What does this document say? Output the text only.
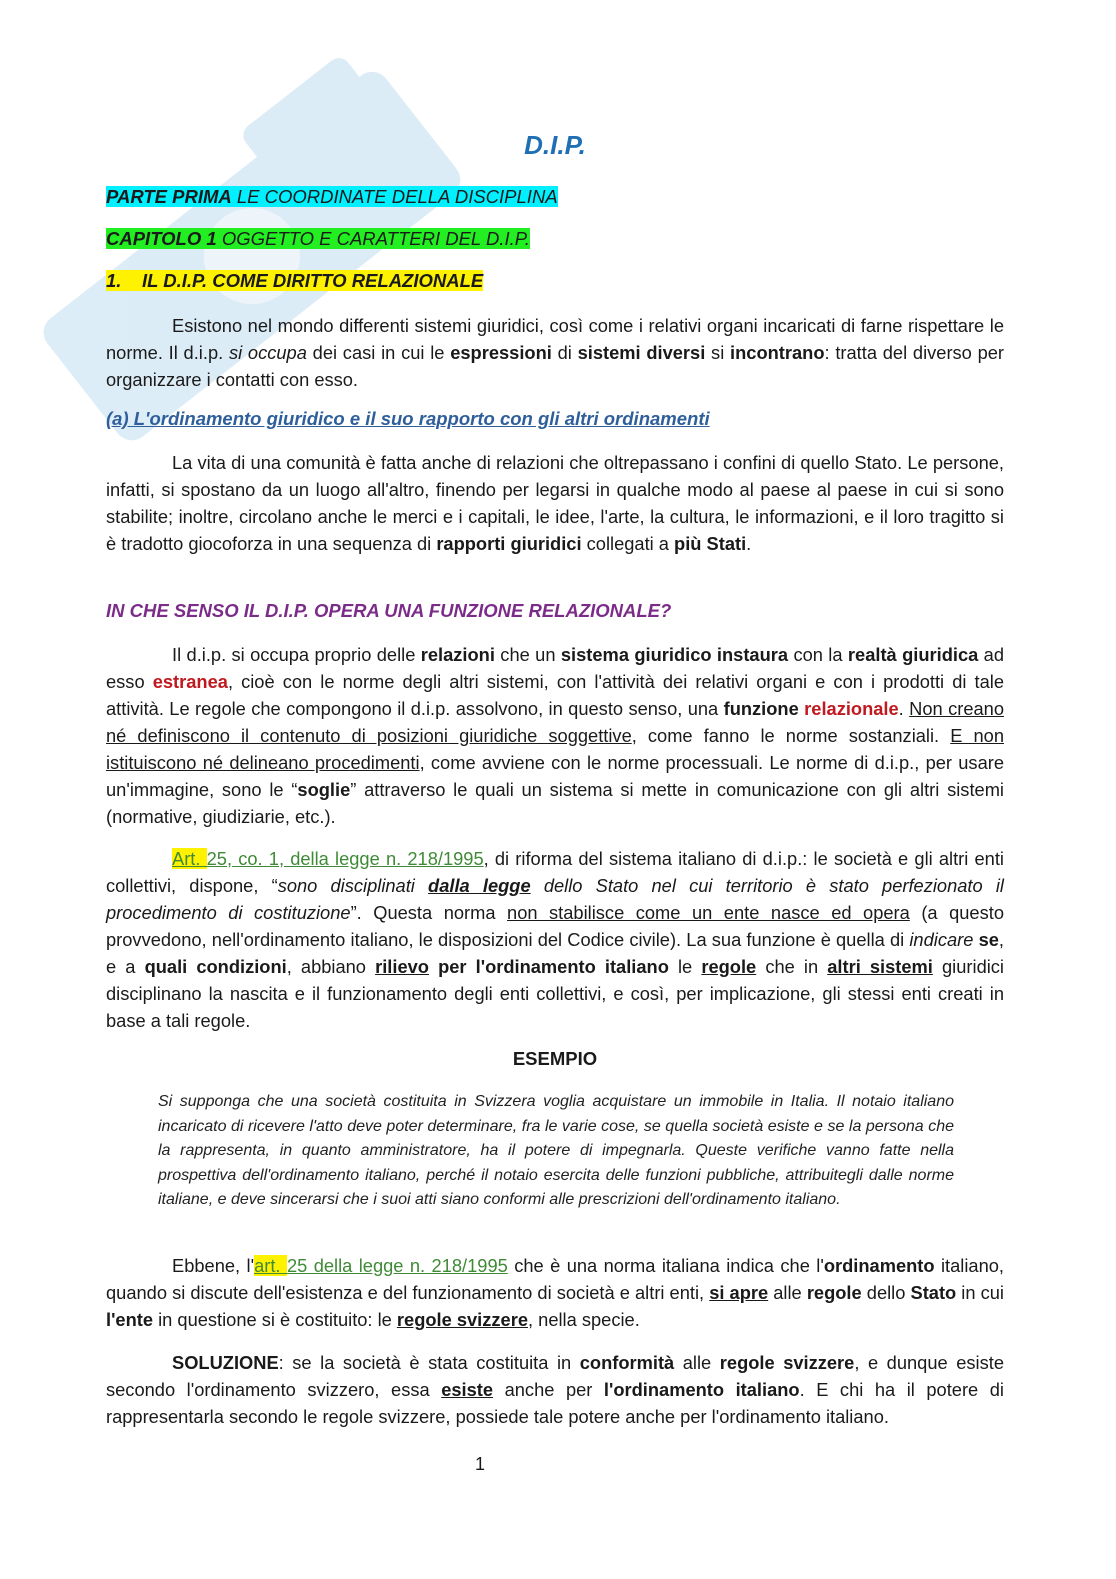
D.I.P.
PARTE PRIMA LE COORDINATE DELLA DISCIPLINA
CAPITOLO 1 OGGETTO E CARATTERI DEL D.I.P.
1. IL D.I.P. COME DIRITTO RELAZIONALE

Esistono nel mondo differenti sistemi giuridici, così come i relativi organi incaricati di farne rispettare le norme. Il d.i.p. si occupa dei casi in cui le espressioni di sistemi diversi si incontrano: tratta del diverso per organizzare i contatti con esso.

(a) L'ordinamento giuridico e il suo rapporto con gli altri ordinamenti

La vita di una comunità è fatta anche di relazioni che oltrepassano i confini di quello Stato. Le persone, infatti, si spostano da un luogo all'altro, finendo per legarsi in qualche modo al paese al paese in cui si sono stabilite; inoltre, circolano anche le merci e i capitali, le idee, l'arte, la cultura, le informazioni, e il loro tragitto si è tradotto giocoforza in una sequenza di rapporti giuridici collegati a più Stati.

IN CHE SENSO IL D.I.P. OPERA UNA FUNZIONE RELAZIONALE?

Il d.i.p. si occupa proprio delle relazioni che un sistema giuridico instaura con la realtà giuridica ad esso estranea, cioè con le norme degli altri sistemi, con l'attività dei relativi organi e con i prodotti di tale attività. Le regole che compongono il d.i.p. assolvono, in questo senso, una funzione relazionale. Non creano né definiscono il contenuto di posizioni giuridiche soggettive, come fanno le norme sostanziali. E non istituiscono né delineano procedimenti, come avviene con le norme processuali. Le norme di d.i.p., per usare un'immagine, sono le “soglie” attraverso le quali un sistema si mette in comunicazione con gli altri sistemi (normative, giudiziarie, etc.).

Art. 25, co. 1, della legge n. 218/1995, di riforma del sistema italiano di d.i.p.: le società e gli altri enti collettivi, dispone, “sono disciplinati dalla legge dello Stato nel cui territorio è stato perfezionato il procedimento di costituzione”. Questa norma non stabilisce come un ente nasce ed opera (a questo provvedono, nell'ordinamento italiano, le disposizioni del Codice civile). La sua funzione è quella di indicare se, e a quali condizioni, abbiano rilievo per l'ordinamento italiano le regole che in altri sistemi giuridici disciplinano la nascita e il funzionamento degli enti collettivi, e così, per implicazione, gli stessi enti creati in base a tali regole.

ESEMPIO

Si supponga che una società costituita in Svizzera voglia acquistare un immobile in Italia. Il notaio italiano incaricato di ricevere l'atto deve poter determinare, fra le varie cose, se quella società esiste e se la persona che la rappresenta, in quanto amministratore, ha il potere di impegnarla. Queste verifiche vanno fatte nella prospettiva dell'ordinamento italiano, perché il notaio esercita delle funzioni pubbliche, attribuitegli dalle norme italiane, e deve sincerarsi che i suoi atti siano conformi alle prescrizioni dell'ordinamento italiano.

Ebbene, l'art. 25 della legge n. 218/1995 che è una norma italiana indica che l'ordinamento italiano, quando si discute dell'esistenza e del funzionamento di società e altri enti, si apre alle regole dello Stato in cui l'ente in questione si è costituito: le regole svizzere, nella specie.

SOLUZIONE: se la società è stata costituita in conformità alle regole svizzere, e dunque esiste secondo l'ordinamento svizzero, essa esiste anche per l'ordinamento italiano. E chi ha il potere di rappresentarla secondo le regole svizzere, possiede tale potere anche per l'ordinamento italiano.

1
